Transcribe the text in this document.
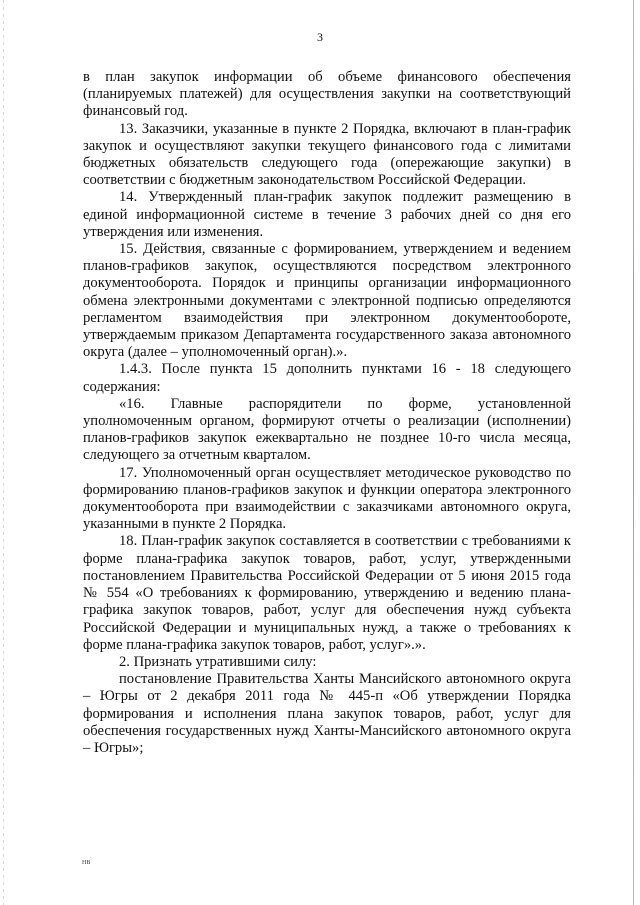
3

в план закупок информации об объеме финансового обеспечения (планируемых платежей) для осуществления закупки на соответствующий финансовый год.

13. Заказчики, указанные в пункте 2 Порядка, включают в план-график закупок и осуществляют закупки текущего финансового года с лимитами бюджетных обязательств следующего года (опережающие закупки) в соответствии с бюджетным законодательством Российской Федерации.

14. Утвержденный план-график закупок подлежит размещению в единой информационной системе в течение 3 рабочих дней со дня его утверждения или изменения.

15. Действия, связанные с формированием, утверждением и ведением планов-графиков закупок, осуществляются посредством электронного документооборота. Порядок и принципы организации информационного обмена электронными документами с электронной подписью определяются регламентом взаимодействия при электронном документообороте, утверждаемым приказом Департамента государственного заказа автономного округа (далее – уполномоченный орган).».

1.4.3. После пункта 15 дополнить пунктами 16 - 18 следующего содержания:

«16. Главные распорядители по форме, установленной уполномоченным органом, формируют отчеты о реализации (исполнении) планов-графиков закупок ежеквартально не позднее 10-го числа месяца, следующего за отчетным кварталом.

17. Уполномоченный орган осуществляет методическое руководство по формированию планов-графиков закупок и функции оператора электронного документооборота при взаимодействии с заказчиками автономного округа, указанными в пункте 2 Порядка.

18. План-график закупок составляется в соответствии с требованиями к форме плана-графика закупок товаров, работ, услуг, утвержденными постановлением Правительства Российской Федерации от 5 июня 2015 года № 554 «О требованиях к формированию, утверждению и ведению плана-графика закупок товаров, работ, услуг для обеспечения нужд субъекта Российской Федерации и муниципальных нужд, а также о требованиях к форме плана-графика закупок товаров, работ, услуг».».

2. Признать утратившими силу:

постановление Правительства Ханты Мансийского автономного округа – Югры от 2 декабря 2011 года № 445-п «Об утверждении Порядка формирования и исполнения плана закупок товаров, работ, услуг для обеспечения государственных нужд Ханты-Мансийского автономного округа – Югры»;

НВ
